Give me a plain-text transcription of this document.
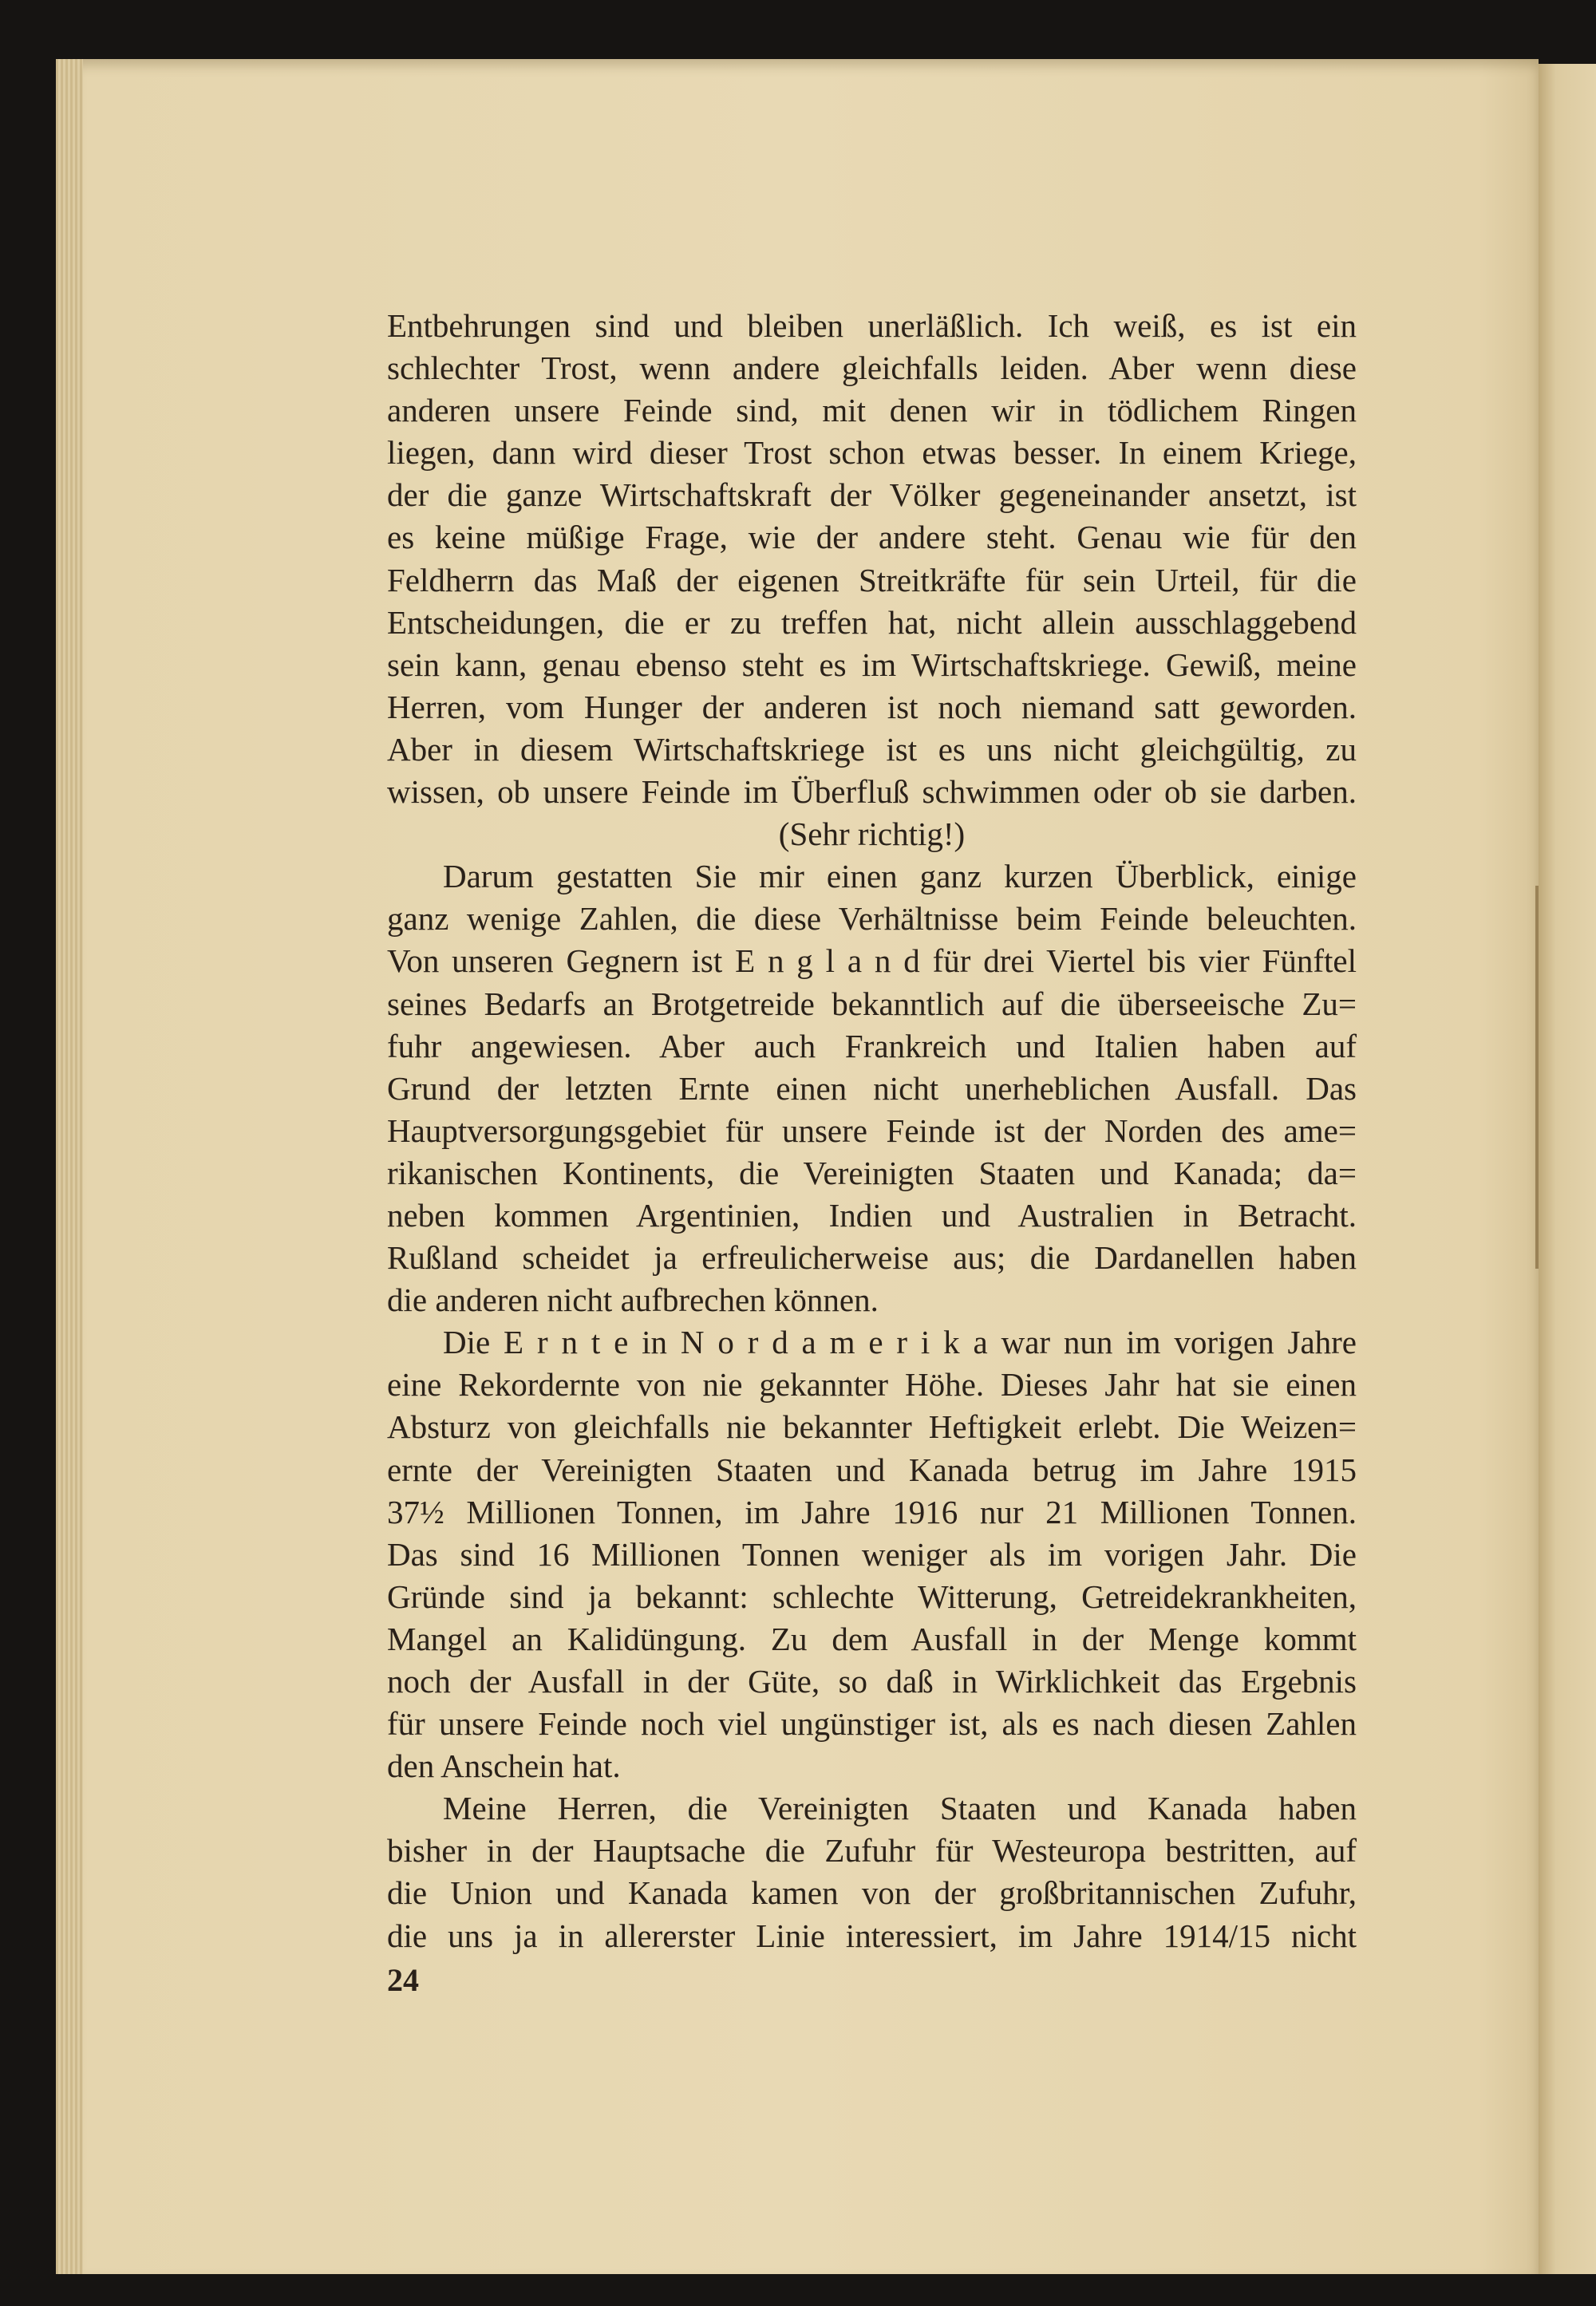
Entbehrungen sind und bleiben unerläßlich. Ich weiß, es ist ein
schlechter Trost, wenn andere gleichfalls leiden. Aber wenn diese
anderen unsere Feinde sind, mit denen wir in tödlichem Ringen
liegen, dann wird dieser Trost schon etwas besser. In einem Kriege,
der die ganze Wirtschaftskraft der Völker gegeneinander ansetzt, ist
es keine müßige Frage, wie der andere steht. Genau wie für den
Feldherrn das Maß der eigenen Streitkräfte für sein Urteil, für die
Entscheidungen, die er zu treffen hat, nicht allein ausschlaggebend
sein kann, genau ebenso steht es im Wirtschaftskriege. Gewiß, meine
Herren, vom Hunger der anderen ist noch niemand satt geworden.
Aber in diesem Wirtschaftskriege ist es uns nicht gleichgültig, zu
wissen, ob unsere Feinde im Überfluß schwimmen oder ob sie darben.
(Sehr richtig!)
Darum gestatten Sie mir einen ganz kurzen Überblick, einige
ganz wenige Zahlen, die diese Verhältnisse beim Feinde beleuchten.
Von unseren Gegnern ist E n g l a n d für drei Viertel bis vier Fünftel
seines Bedarfs an Brotgetreide bekanntlich auf die überseeische Zu=
fuhr angewiesen. Aber auch Frankreich und Italien haben auf
Grund der letzten Ernte einen nicht unerheblichen Ausfall. Das
Hauptversorgungsgebiet für unsere Feinde ist der Norden des ame=
rikanischen Kontinents, die Vereinigten Staaten und Kanada; da=
neben kommen Argentinien, Indien und Australien in Betracht.
Rußland scheidet ja erfreulicherweise aus; die Dardanellen haben
die anderen nicht aufbrechen können.
Die E r n t e in N o r d a m e r i k a war nun im vorigen Jahre
eine Rekordernte von nie gekannter Höhe. Dieses Jahr hat sie einen
Absturz von gleichfalls nie bekannter Heftigkeit erlebt. Die Weizen=
ernte der Vereinigten Staaten und Kanada betrug im Jahre 1915
37½ Millionen Tonnen, im Jahre 1916 nur 21 Millionen Tonnen.
Das sind 16 Millionen Tonnen weniger als im vorigen Jahr. Die
Gründe sind ja bekannt: schlechte Witterung, Getreidekrankheiten,
Mangel an Kalidüngung. Zu dem Ausfall in der Menge kommt
noch der Ausfall in der Güte, so daß in Wirklichkeit das Ergebnis
für unsere Feinde noch viel ungünstiger ist, als es nach diesen Zahlen
den Anschein hat.
Meine Herren, die Vereinigten Staaten und Kanada haben
bisher in der Hauptsache die Zufuhr für Westeuropa bestritten, auf
die Union und Kanada kamen von der großbritannischen Zufuhr,
die uns ja in allererster Linie interessiert, im Jahre 1914/15 nicht
24
